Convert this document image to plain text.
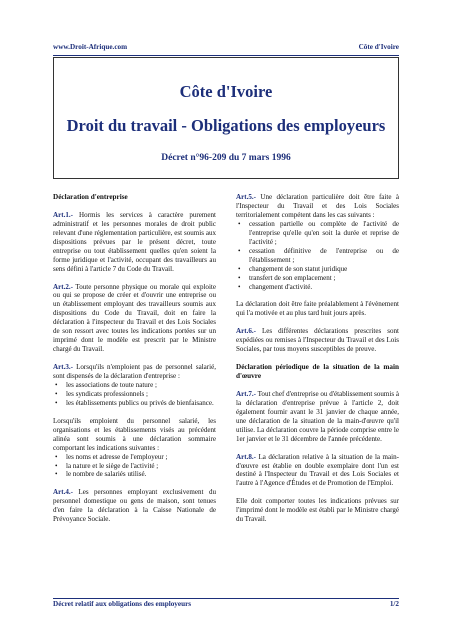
www.Droit-Afrique.com	Côte d'Ivoire
Côte d'Ivoire
Droit du travail - Obligations des employeurs
Décret n°96-209 du 7 mars 1996
Déclaration d'entreprise

Art.1.- Hormis les services à caractère purement administratif et les personnes morales de droit public relevant d'une réglementation particulière, est soumis aux dispositions prévues par le présent décret, toute entreprise ou tout établissement quelles qu'en soient la forme juridique et l'activité, occupant des travailleurs au sens défini à l'article 7 du Code du Travail.

Art.2.- Toute personne physique ou morale qui exploite ou qui se propose de créer et d'ouvrir une entreprise ou un établissement employant des travailleurs soumis aux dispositions du Code du Travail, doit en faire la déclaration à l'inspecteur du Travail et des Lois Sociales de son ressort avec toutes les indications portées sur un imprimé dont le modèle est prescrit par le Ministre chargé du Travail.

Art.3.- Lorsqu'ils n'emploient pas de personnel salarié, sont dispensés de la déclaration d'entreprise :

• les associations de toute nature ;
• les syndicats professionnels ;
• les établissements publics ou privés de bienfaisance.

Lorsqu'ils emploient du personnel salarié, les organisations et les établissements visés au précédent alinéa sont soumis à une déclaration sommaire comportant les indications suivantes :

• les noms et adresse de l'employeur ;
• la nature et le siège de l'activité ;
• le nombre de salariés utilisé.

Art.4.- Les personnes employant exclusivement du personnel domestique ou gens de maison, sont tenues d'en faire la déclaration à la Caisse Nationale de Prévoyance Sociale.

Art.5.- Une déclaration particulière doit être faite à l'Inspecteur du Travail et des Lois Sociales territorialement compétent dans les cas suivants :

• cessation partielle ou complète de l'activité de l'entreprise qu'elle qu'en soit la durée et reprise de l'activité ;
• cessation définitive de l'entreprise ou de l'établissement ;
• changement de son statut juridique
• transfert de son emplacement ;
• changement d'activité.

La déclaration doit être faite préalablement à l'évènement qui l'a motivée et au plus tard huit jours après.

Art.6.- Les différentes déclarations prescrites sont expédiées ou remises à l'Inspecteur du Travail et des Lois Sociales, par tous moyens susceptibles de preuve.

Déclaration périodique de la situation de la main d'œuvre

Art.7.- Tout chef d'entreprise ou d'établissement soumis à la déclaration d'entreprise prévue à l'article 2, doit également fournir avant le 31 janvier de chaque année, une déclaration de la situation de la main-d'œuvre qu'il utilise. La déclaration couvre la période comprise entre le 1er janvier et le 31 décembre de l'année précédente.

Art.8.- La déclaration relative à la situation de la main-d'œuvre est établie en double exemplaire dont l'un est destiné à l'Inspecteur du Travail et des Lois Sociales et l'autre à l'Agence d'Études et de Promotion de l'Emploi.

Elle doit comporter toutes les indications prévues sur l'imprimé dont le modèle est établi par le Ministre chargé du Travail.

Décret relatif aux obligations des employeurs	1/2
